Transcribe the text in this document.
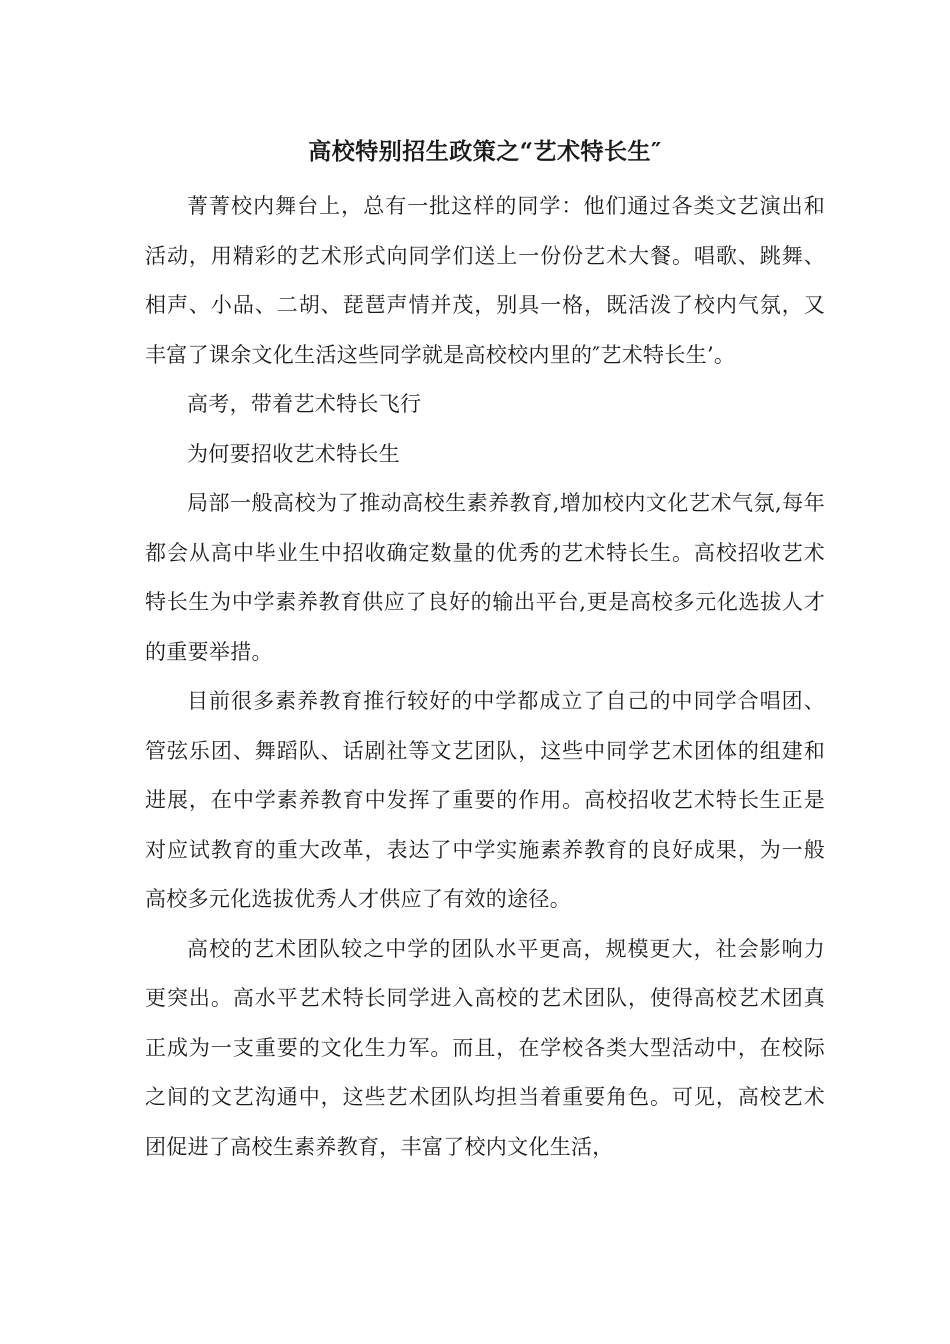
高校特别招生政策之“艺术特长生″

菁菁校内舞台上，总有一批这样的同学：他们通过各类文艺演出和活动，用精彩的艺术形式向同学们送上一份份艺术大餐。唱歌、跳舞、相声、小品、二胡、琵琶声情并茂，别具一格，既活泼了校内气氛，又丰富了课余文化生活这些同学就是高校校内里的″艺术特长生’。

高考，带着艺术特长飞行

为何要招收艺术特长生

局部一般高校为了推动高校生素养教育,增加校内文化艺术气氛,每年都会从高中毕业生中招收确定数量的优秀的艺术特长生。高校招收艺术特长生为中学素养教育供应了良好的输出平台,更是高校多元化选拔人才的重要举措。

目前很多素养教育推行较好的中学都成立了自己的中同学合唱团、管弦乐团、舞蹈队、话剧社等文艺团队，这些中同学艺术团体的组建和进展，在中学素养教育中发挥了重要的作用。高校招收艺术特长生正是对应试教育的重大改革，表达了中学实施素养教育的良好成果，为一般高校多元化选拔优秀人才供应了有效的途径。

高校的艺术团队较之中学的团队水平更高，规模更大，社会影响力更突出。高水平艺术特长同学进入高校的艺术团队，使得高校艺术团真正成为一支重要的文化生力军。而且，在学校各类大型活动中，在校际之间的文艺沟通中，这些艺术团队均担当着重要角色。可见，高校艺术团促进了高校生素养教育，丰富了校内文化生活，
